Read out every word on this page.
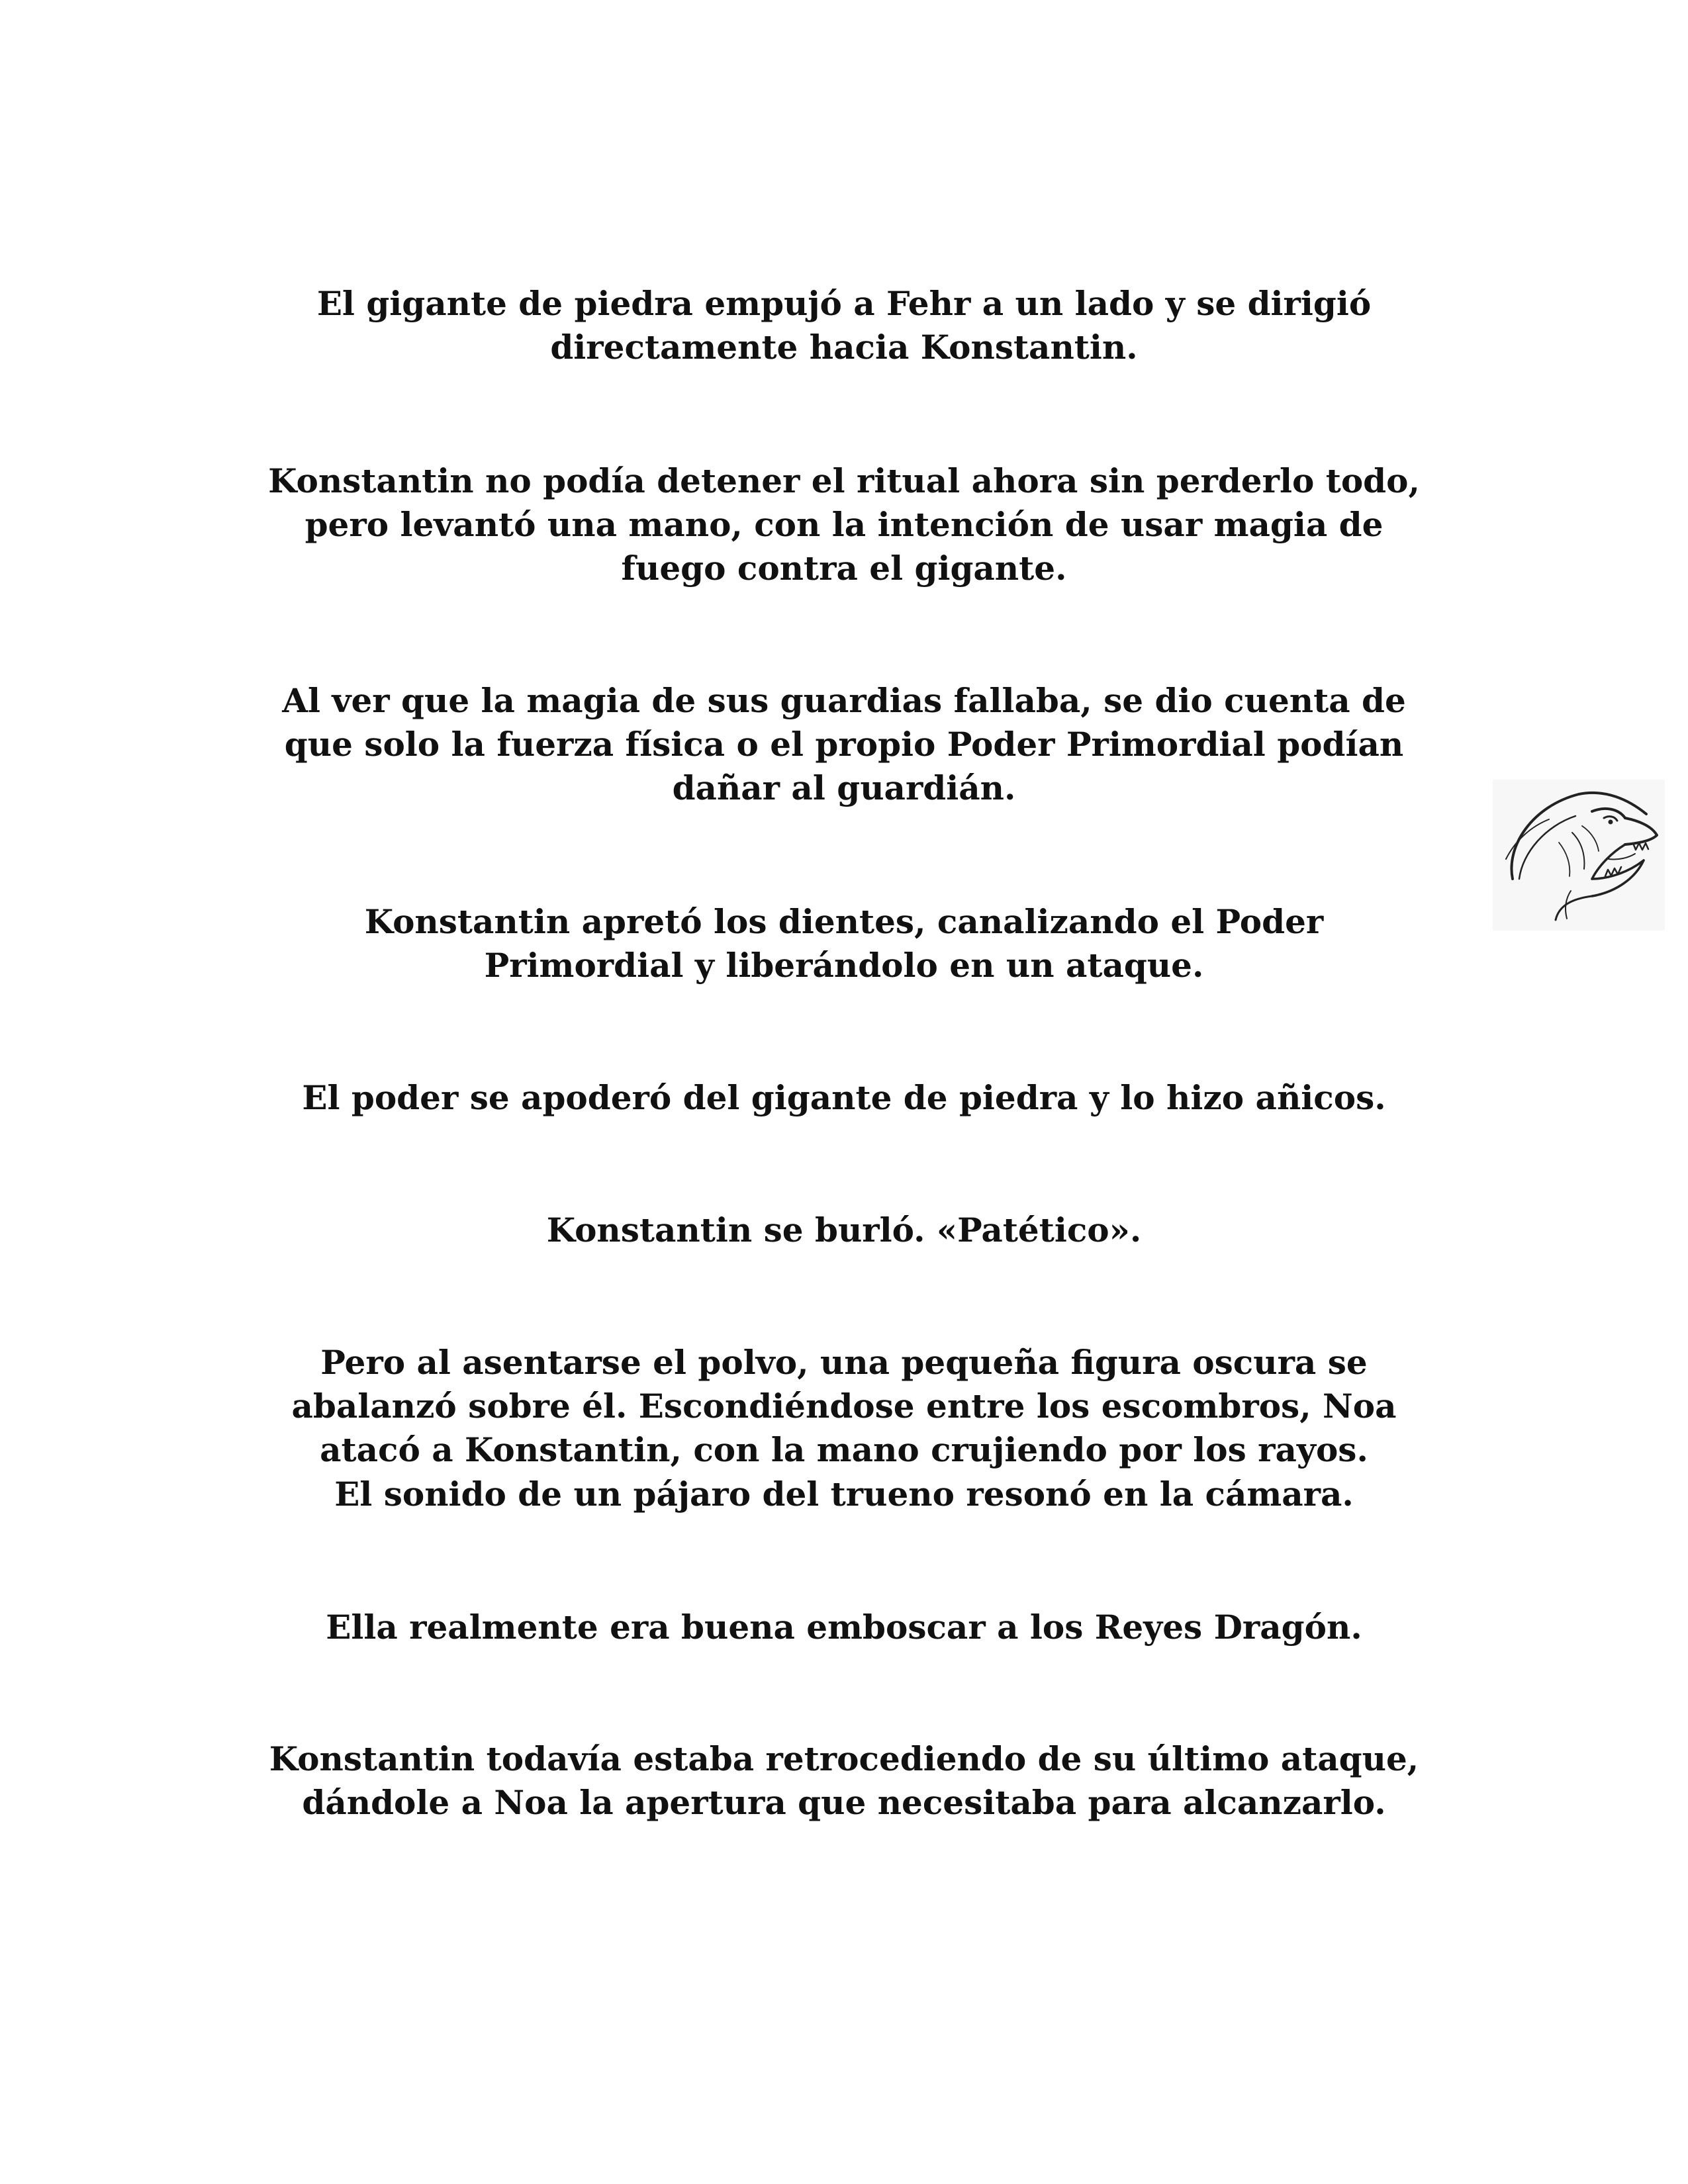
El gigante de piedra empujó a Fehr a un lado y se dirigió
directamente hacia Konstantin.

Konstantin no podía detener el ritual ahora sin perderlo todo,
pero levantó una mano, con la intención de usar magia de
fuego contra el gigante.

Al ver que la magia de sus guardias fallaba, se dio cuenta de
que solo la fuerza física o el propio Poder Primordial podían
dañar al guardián.

Konstantin apretó los dientes, canalizando el Poder
Primordial y liberándolo en un ataque.

El poder se apoderó del gigante de piedra y lo hizo añicos.

Konstantin se burló. «Patético».

Pero al asentarse el polvo, una pequeña figura oscura se
abalanzó sobre él. Escondiéndose entre los escombros, Noa
atacó a Konstantin, con la mano crujiendo por los rayos.

El sonido de un pájaro del trueno resonó en la cámara.

Ella realmente era buena emboscar a los Reyes Dragón.

Konstantin todavía estaba retrocediendo de su último ataque,
dándole a Noa la apertura que necesitaba para alcanzarlo.
